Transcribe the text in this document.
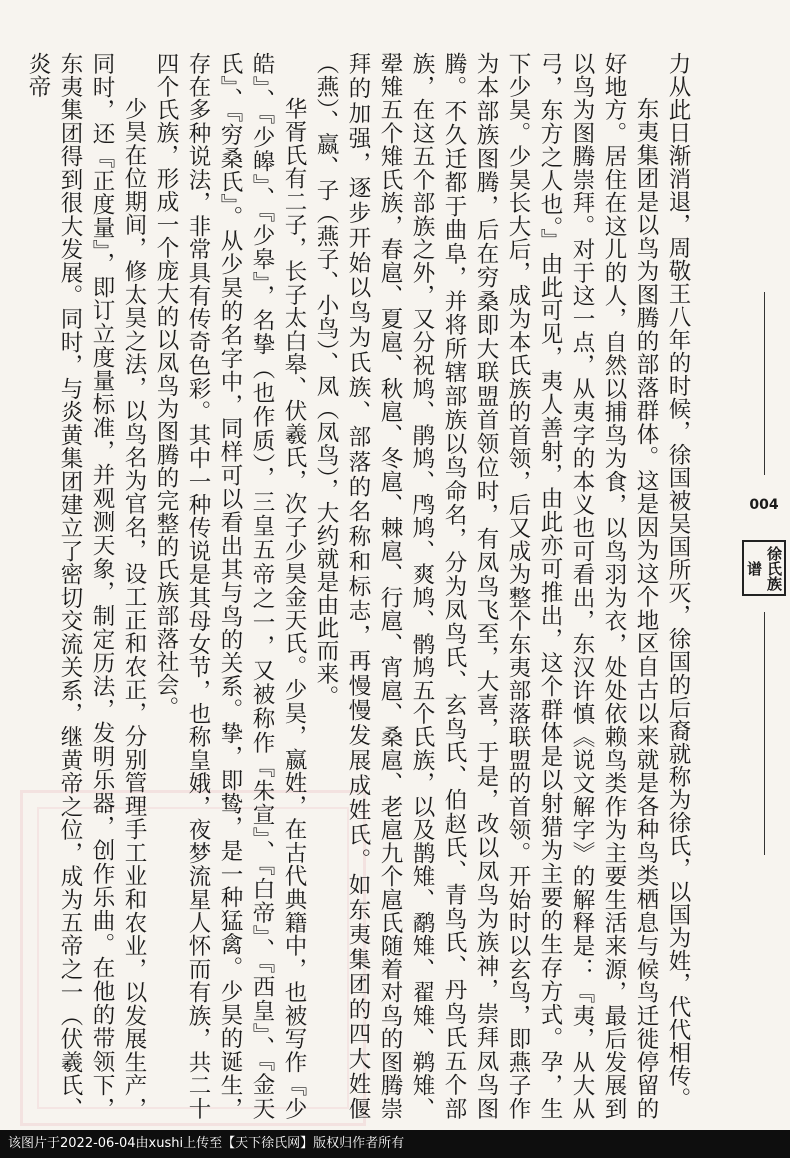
力从此日渐消退，周敬王八年的时候，徐国被吴国所灭，徐国的后裔就称为徐氏，以国为姓，代代相传。

东夷集团是以鸟为图腾的部落群体。这是因为这个地区自古以来就是各种鸟类栖息与候鸟迁徙停留的好地方。居住在这儿的人，自然以捕鸟为食，以鸟羽为衣，处处依赖鸟类作为主要生活来源，最后发展到以鸟为图腾崇拜。对于这一点，从夷字的本义也可看出，东汉许慎《说文解字》的解释是：『夷，从大从弓，东方之人也。』由此可见，夷人善射，由此亦可推出，这个群体是以射猎为主要的生存方式。孕，生下少昊。少昊长大后，成为本氏族的首领，后又成为整个东夷部落联盟的首领。开始时以玄鸟，即燕子作为本部族图腾，后在穷桑即大联盟首领位时，有凤鸟飞至，大喜，于是，改以凤鸟为族神，崇拜凤鸟图腾。不久迁都于曲阜，并将所辖部族以鸟命名，分为凤鸟氏、玄鸟氏、伯赵氏、青鸟氏、丹鸟氏五个部族，在这五个部族之外，又分祝鸠、鹃鸠、鸤鸠、爽鸠、鹘鸠五个氏族，以及鹊雉、鹬雉、翟雉、鹈雉、翚雉五个雉氏族，春扈、夏扈、秋扈、冬扈、棘扈、行扈、宵扈、桑扈、老扈九个扈氏随着对鸟的图腾崇拜的加强，逐步开始以鸟为氏族、部落的名称和标志，再慢慢发展成姓氏。如东夷集团的四大姓偃（燕）、嬴、子（燕子、小鸟）、凤（凤鸟），大约就是由此而来。

华胥氏有二子，长子太白皋、伏羲氏，次子少昊金天氏。少昊，嬴姓，在古代典籍中，也被写作『少皓』、『少皞』、『少皋』，名挚（也作质），三皇五帝之一，又被称作『朱宣』、『白帝』、『西皇』、『金天氏』、『穷桑氏』。从少昊的名字中，同样可以看出其与鸟的关系。挚，即鸷，是一种猛禽。少昊的诞生，存在多种说法，非常具有传奇色彩。其中一种传说是其母女节，也称皇娥，夜梦流星人怀而有族，共二十四个氏族，形成一个庞大的以凤鸟为图腾的完整的氏族部落社会。

少昊在位期间，修太昊之法，以鸟名为官名，设工正和农正，分别管理手工业和农业，以发展生产，同时，还『正度量』，即订立度量标准，并观测天象，制定历法，发明乐器，创作乐曲。在他的带领下，东夷集团得到很大发展。同时，与炎黄集团建立了密切交流关系，继黄帝之位，成为五帝之一（伏羲氏、炎帝

004
徐氏族谱
该图片于2022-06-04由xushi上传至【天下徐氏网】版权归作者所有
